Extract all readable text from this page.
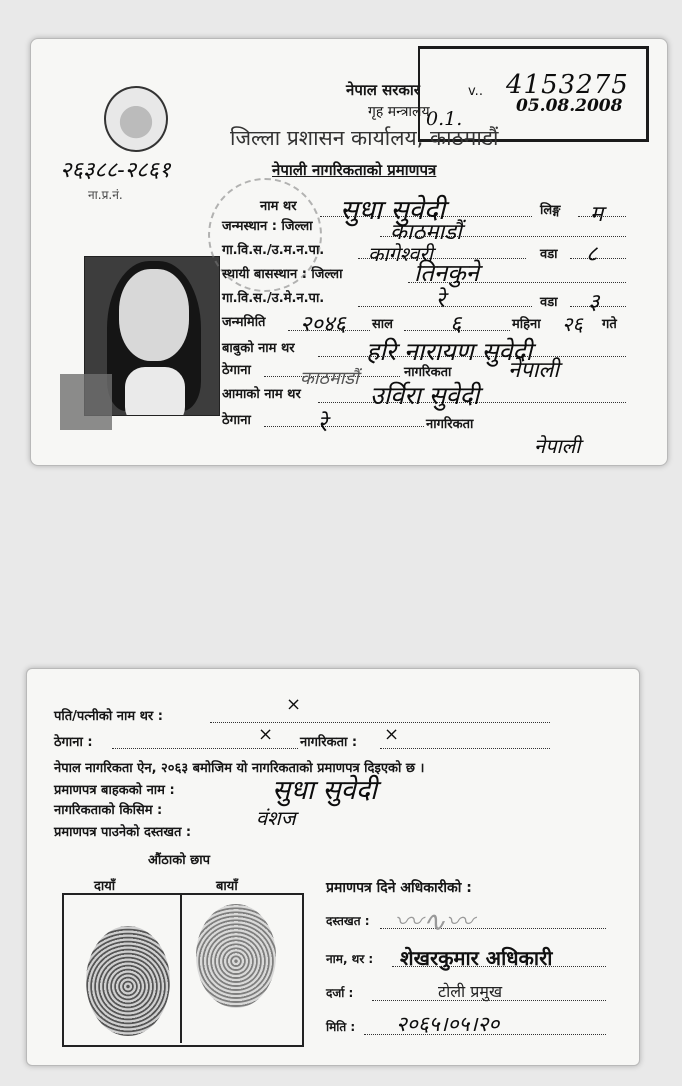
नेपाल सरकार
गृह मन्त्रालय
v.. 4153275
0.1.
05.08.2008
जिल्ला प्रशासन कार्यालय, काठमाडौं
२६३८८-२८६१
ना.प्र.नं.
नेपाली नागरिकताको प्रमाणपत्र
नाम थर सुधा सुवेदी	लिङ्ग म
जन्मस्थान : जिल्ला	काठमाडौं
गा.वि.स./उ.म.न.पा. कागेश्वरी	वडा ८
स्थायी बासस्थान : जिल्ला	तिनकुने
गा.वि.स./उ.मे.न.पा.	रे	वडा ३
जन्ममिति २०४६ साल	६	महिना २६ गते
बाबुको नाम थर	हरि नारायण सुवेदी
ठेगाना	काठमाडौं	नागरिकता	नेपाली
आमाको नाम थर	उर्विरा सुवेदी
ठेगाना	रे	नागरिकता
नेपाली
पति/पत्नीको नाम थर :
×
ठेगाना :	× नागरिकता : ×
नेपाल नागरिकता ऐन, २०६३ बमोजिम यो नागरिकताको प्रमाणपत्र दिइएको छ ।
प्रमाणपत्र बाहकको नाम :	सुधा सुवेदी
नागरिकताको किसिम :	वंशज
प्रमाणपत्र पाउनेको दस्तखत :
औंठाको छाप
दायाँ	बायाँ	प्रमाणपत्र दिने अधिकारीको :
दस्तखत : 〰∿〰
नाम, थर : शेखरकुमार अधिकारी
दर्जा :	टोली प्रमुख
मिति : २०६५।०५।२०
